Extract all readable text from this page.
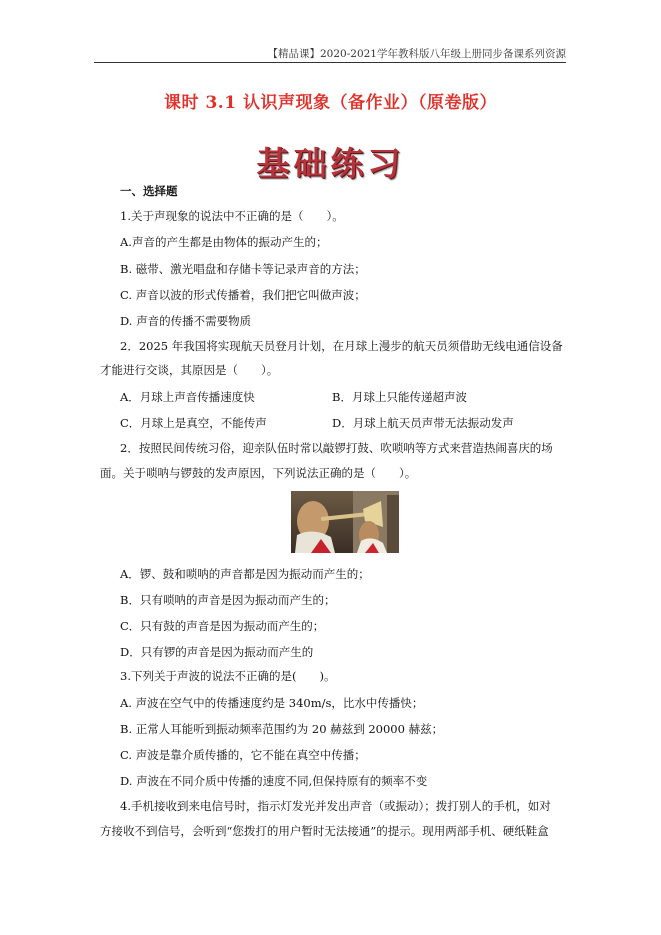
【精品课】2020-2021学年教科版八年级上册同步备课系列资源
课时 3.1 认识声现象（备作业）（原卷版）
基础练习
一、选择题
1.关于声现象的说法中不正确的是（　　）。
A.声音的产生都是由物体的振动产生的；
B. 磁带、激光唱盘和存储卡等记录声音的方法；
C. 声音以波的形式传播着，我们把它叫做声波；
D. 声音的传播不需要物质
2．2025 年我国将实现航天员登月计划，在月球上漫步的航天员须借助无线电通信设备
才能进行交谈，其原因是（　　）。
A．月球上声音传播速度快	B．月球上只能传递超声波
C．月球上是真空，不能传声	D．月球上航天员声带无法振动发声
2．按照民间传统习俗，迎亲队伍时常以敲锣打鼓、吹唢呐等方式来营造热闹喜庆的场
面。关于唢呐与锣鼓的发声原因，下列说法正确的是（　　）。
A．锣、鼓和唢呐的声音都是因为振动而产生的；
B．只有唢呐的声音是因为振动而产生的；
C．只有鼓的声音是因为振动而产生的；
D．只有锣的声音是因为振动而产生的
3.下列关于声波的说法不正确的是(　　)。
A. 声波在空气中的传播速度约是 340m/s，比水中传播快；
B. 正常人耳能听到振动频率范围约为 20 赫兹到 20000 赫兹；
C. 声波是靠介质传播的，它不能在真空中传播；
D. 声波在不同介质中传播的速度不同,但保持原有的频率不变
4.手机接收到来电信号时，指示灯发光并发出声音（或振动）；拨打别人的手机，如对
方接收不到信号，会听到“您拨打的用户暂时无法接通”的提示。现用两部手机、硬纸鞋盒
